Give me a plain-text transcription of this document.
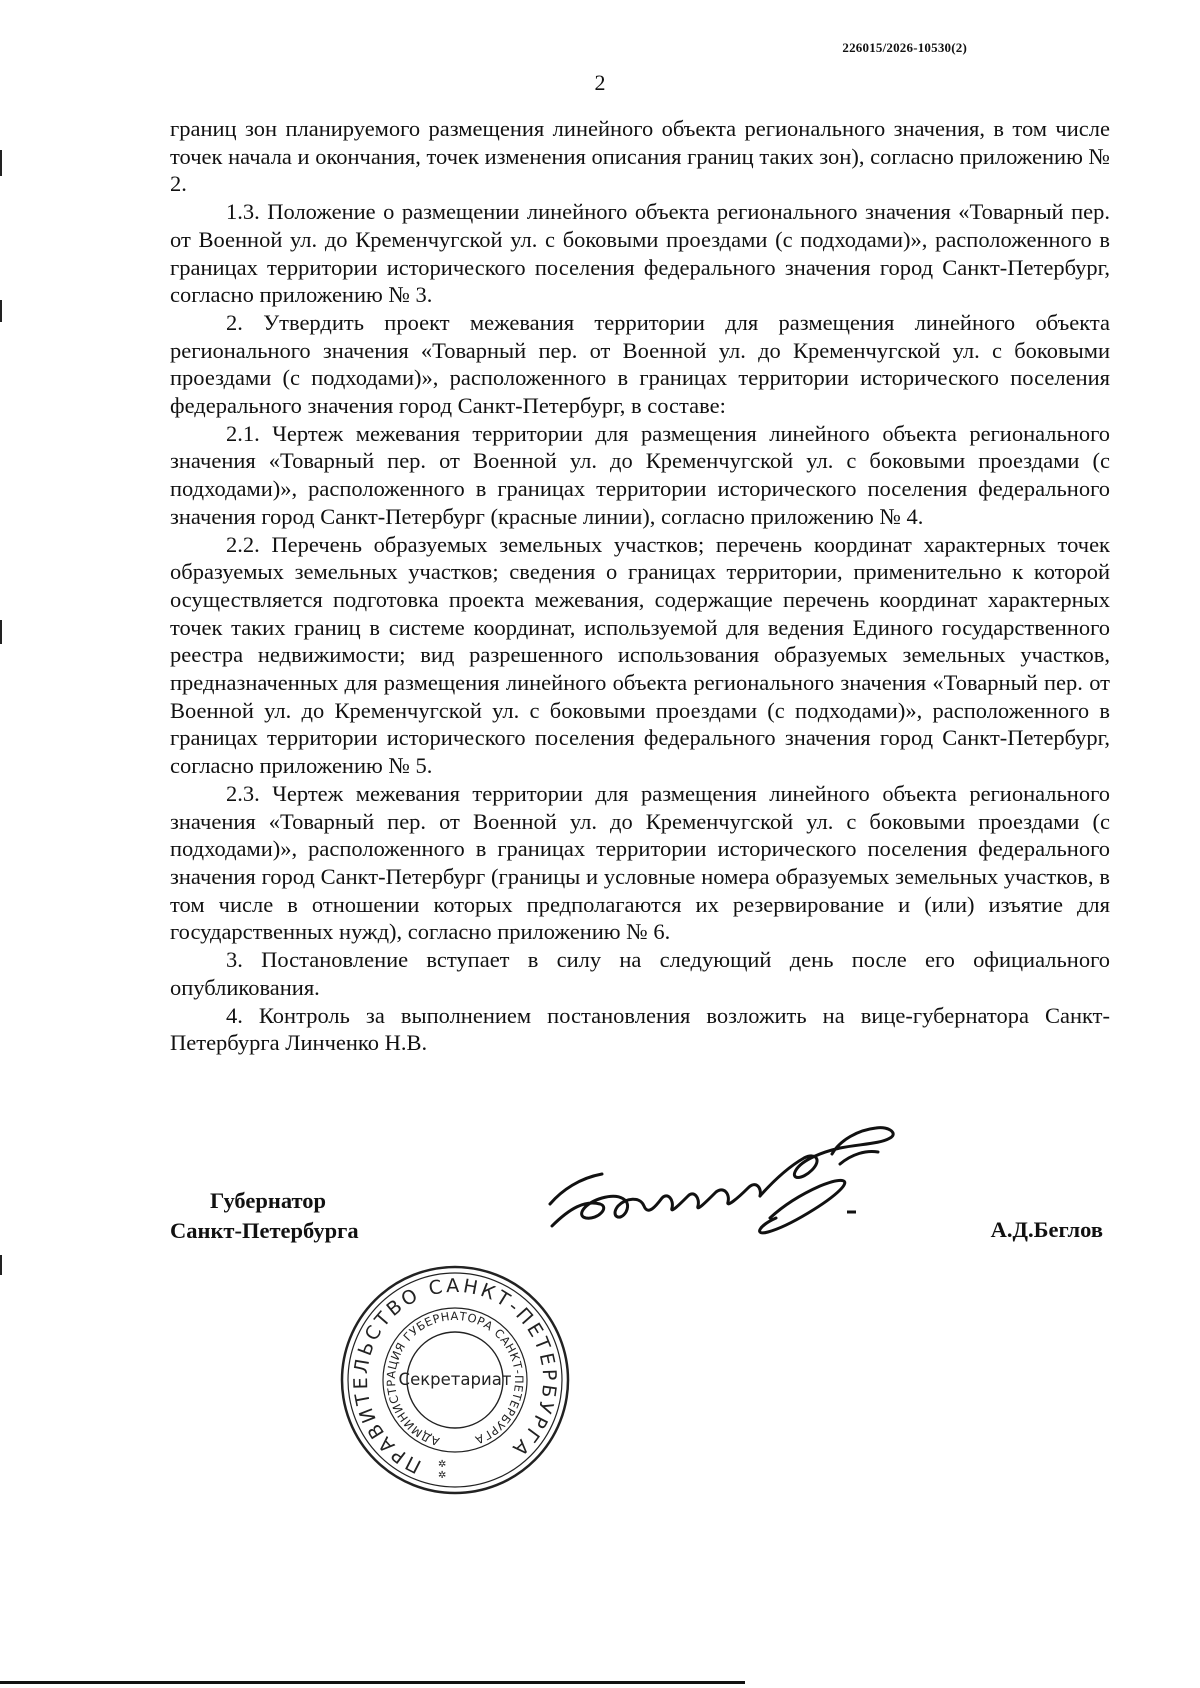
226015/2026-10530(2)
2

границ зон планируемого размещения линейного объекта регионального значения, в том числе точек начала и окончания, точек изменения описания границ таких зон), согласно приложению № 2.

1.3. Положение о размещении линейного объекта регионального значения «Товарный пер. от Военной ул. до Кременчугской ул. с боковыми проездами (с подходами)», расположенного в границах территории исторического поселения федерального значения город Санкт-Петербург, согласно приложению № 3.

2. Утвердить проект межевания территории для размещения линейного объекта регионального значения «Товарный пер. от Военной ул. до Кременчугской ул. с боковыми проездами (с подходами)», расположенного в границах территории исторического поселения федерального значения город Санкт-Петербург, в составе:

2.1. Чертеж межевания территории для размещения линейного объекта регионального значения «Товарный пер. от Военной ул. до Кременчугской ул. с боковыми проездами (с подходами)», расположенного в границах территории исторического поселения федерального значения город Санкт-Петербург (красные линии), согласно приложению № 4.

2.2. Перечень образуемых земельных участков; перечень координат характерных точек образуемых земельных участков; сведения о границах территории, применительно к которой осуществляется подготовка проекта межевания, содержащие перечень координат характерных точек таких границ в системе координат, используемой для ведения Единого государственного реестра недвижимости; вид разрешенного использования образуемых земельных участков, предназначенных для размещения линейного объекта регионального значения «Товарный пер. от Военной ул. до Кременчугской ул. с боковыми проездами (с подходами)», расположенного в границах территории исторического поселения федерального значения город Санкт-Петербург, согласно приложению № 5.

2.3. Чертеж межевания территории для размещения линейного объекта регионального значения «Товарный пер. от Военной ул. до Кременчугской ул. с боковыми проездами (с подходами)», расположенного в границах территории исторического поселения федерального значения город Санкт-Петербург (границы и условные номера образуемых земельных участков, в том числе в отношении которых предполагаются их резервирование и (или) изъятие для государственных нужд), согласно приложению № 6.

3. Постановление вступает в силу на следующий день после его официального опубликования.

4. Контроль за выполнением постановления возложить на вице-губернатора Санкт-Петербурга Линченко Н.В.

Губернатор
Санкт-Петербурга	А.Д.Беглов
ПРАВИТЕЛЬСТВО САНКТ-ПЕТЕРБУРГА
АДМИНИСТРАЦИЯ ГУБЕРНАТОРА САНКТ-ПЕТЕРБУРГА
Секретариат
✲
✲
